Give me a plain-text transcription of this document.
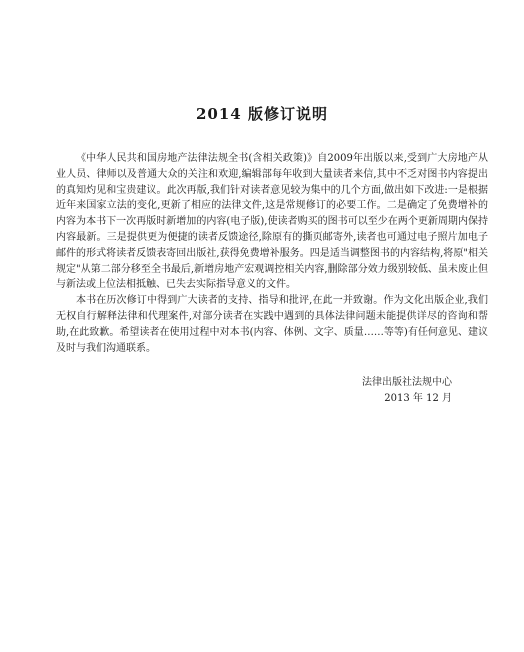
2014 版修订说明

《中华人民共和国房地产法律法规全书(含相关政策)》自2009年出版以来,受到广大房地产从业人员、律师以及普通大众的关注和欢迎,编辑部每年收到大量读者来信,其中不乏对图书内容提出的真知灼见和宝贵建议。此次再版,我们针对读者意见较为集中的几个方面,做出如下改进:一是根据近年来国家立法的变化,更新了相应的法律文件,这是常规修订的必要工作。二是确定了免费增补的内容为本书下一次再版时新增加的内容(电子版),使读者购买的图书可以至少在两个更新周期内保持内容最新。三是提供更为便捷的读者反馈途径,除原有的撕页邮寄外,读者也可通过电子照片加电子邮件的形式将读者反馈表寄回出版社,获得免费增补服务。四是适当调整图书的内容结构,将原"相关规定"从第二部分移至全书最后,新增房地产宏观调控相关内容,删除部分效力级别较低、虽未废止但与新法或上位法相抵触、已失去实际指导意义的文件。

本书在历次修订中得到广大读者的支持、指导和批评,在此一并致谢。作为文化出版企业,我们无权自行解释法律和代理案件,对部分读者在实践中遇到的具体法律问题未能提供详尽的咨询和帮助,在此致歉。希望读者在使用过程中对本书(内容、体例、文字、质量……等等)有任何意见、建议及时与我们沟通联系。

法律出版社法规中心
2013 年 12 月
